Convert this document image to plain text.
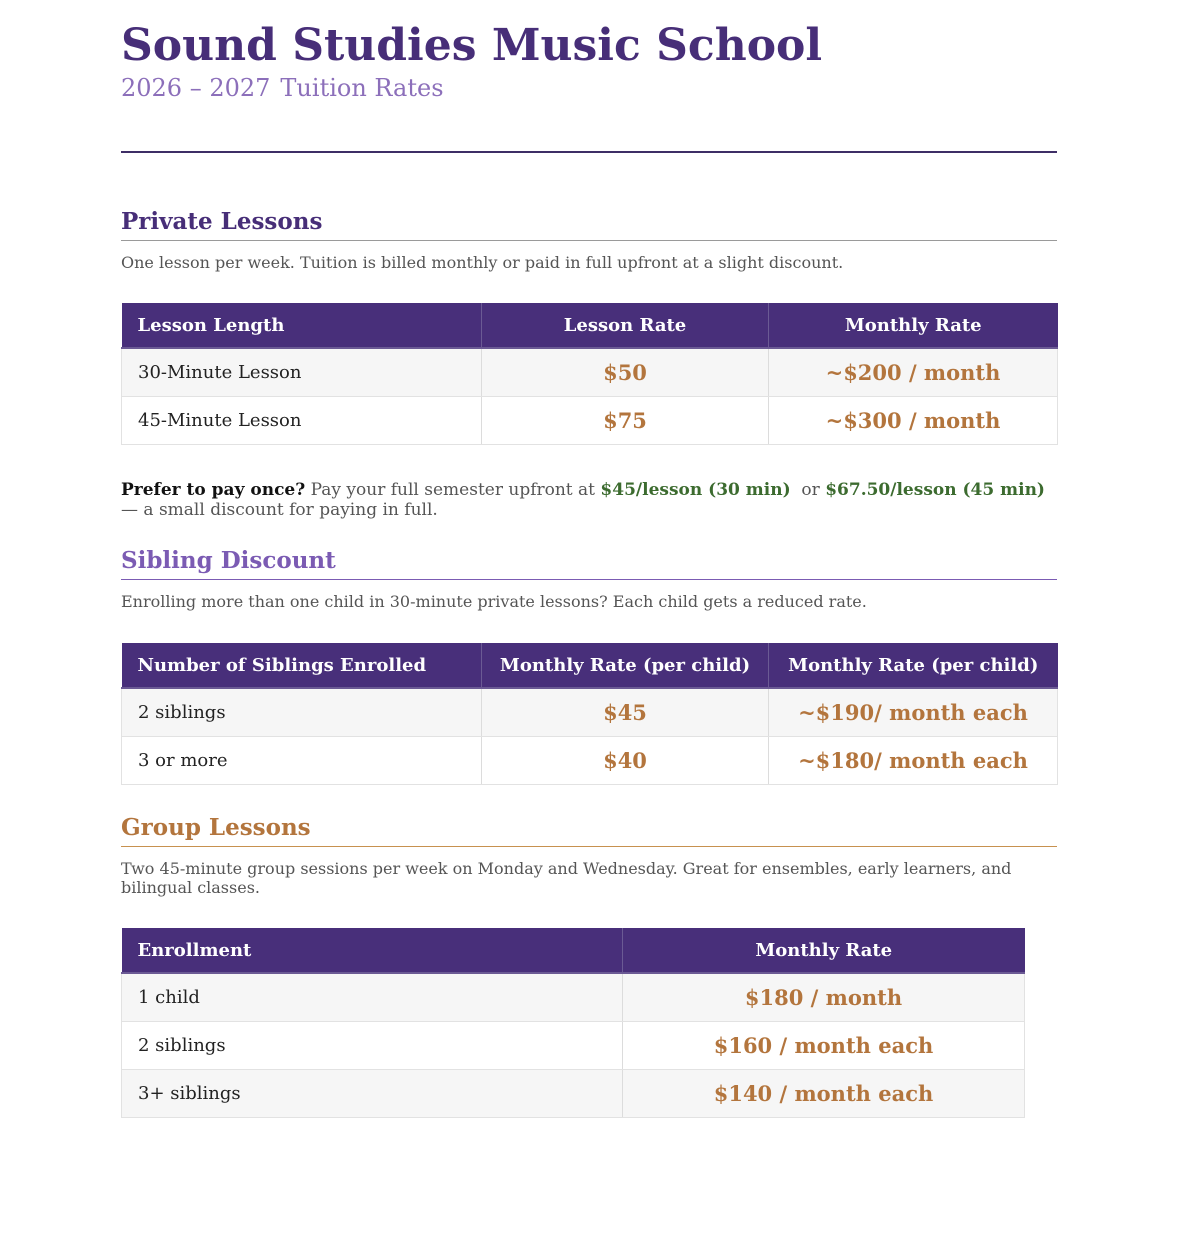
Sound Studies Music School

2026 – 2027 Tuition Rates

Private Lessons

One lesson per week. Tuition is billed monthly or paid in full upfront at a slight discount.

Lesson Length	Lesson Rate	Monthly Rate
30-Minute Lesson	$50	~$200 / month
45-Minute Lesson	$75	~$300 / month

Prefer to pay once? Pay your full semester upfront at $45/lesson (30 min)  or $67.50/lesson (45 min) — a small discount for paying in full.

Sibling Discount

Enrolling more than one child in 30-minute private lessons? Each child gets a reduced rate.

Number of Siblings Enrolled	Monthly Rate (per child)	Monthly Rate (per child)
2 siblings	$45	~$190/ month each
3 or more	$40	~$180/ month each
Group Lessons

Two 45-minute group sessions per week on Monday and Wednesday. Great for ensembles, early learners, and bilingual classes.

Enrollment	Monthly Rate
1 child	$180 / month
2 siblings	$160 / month each
3+ siblings	$140 / month each
